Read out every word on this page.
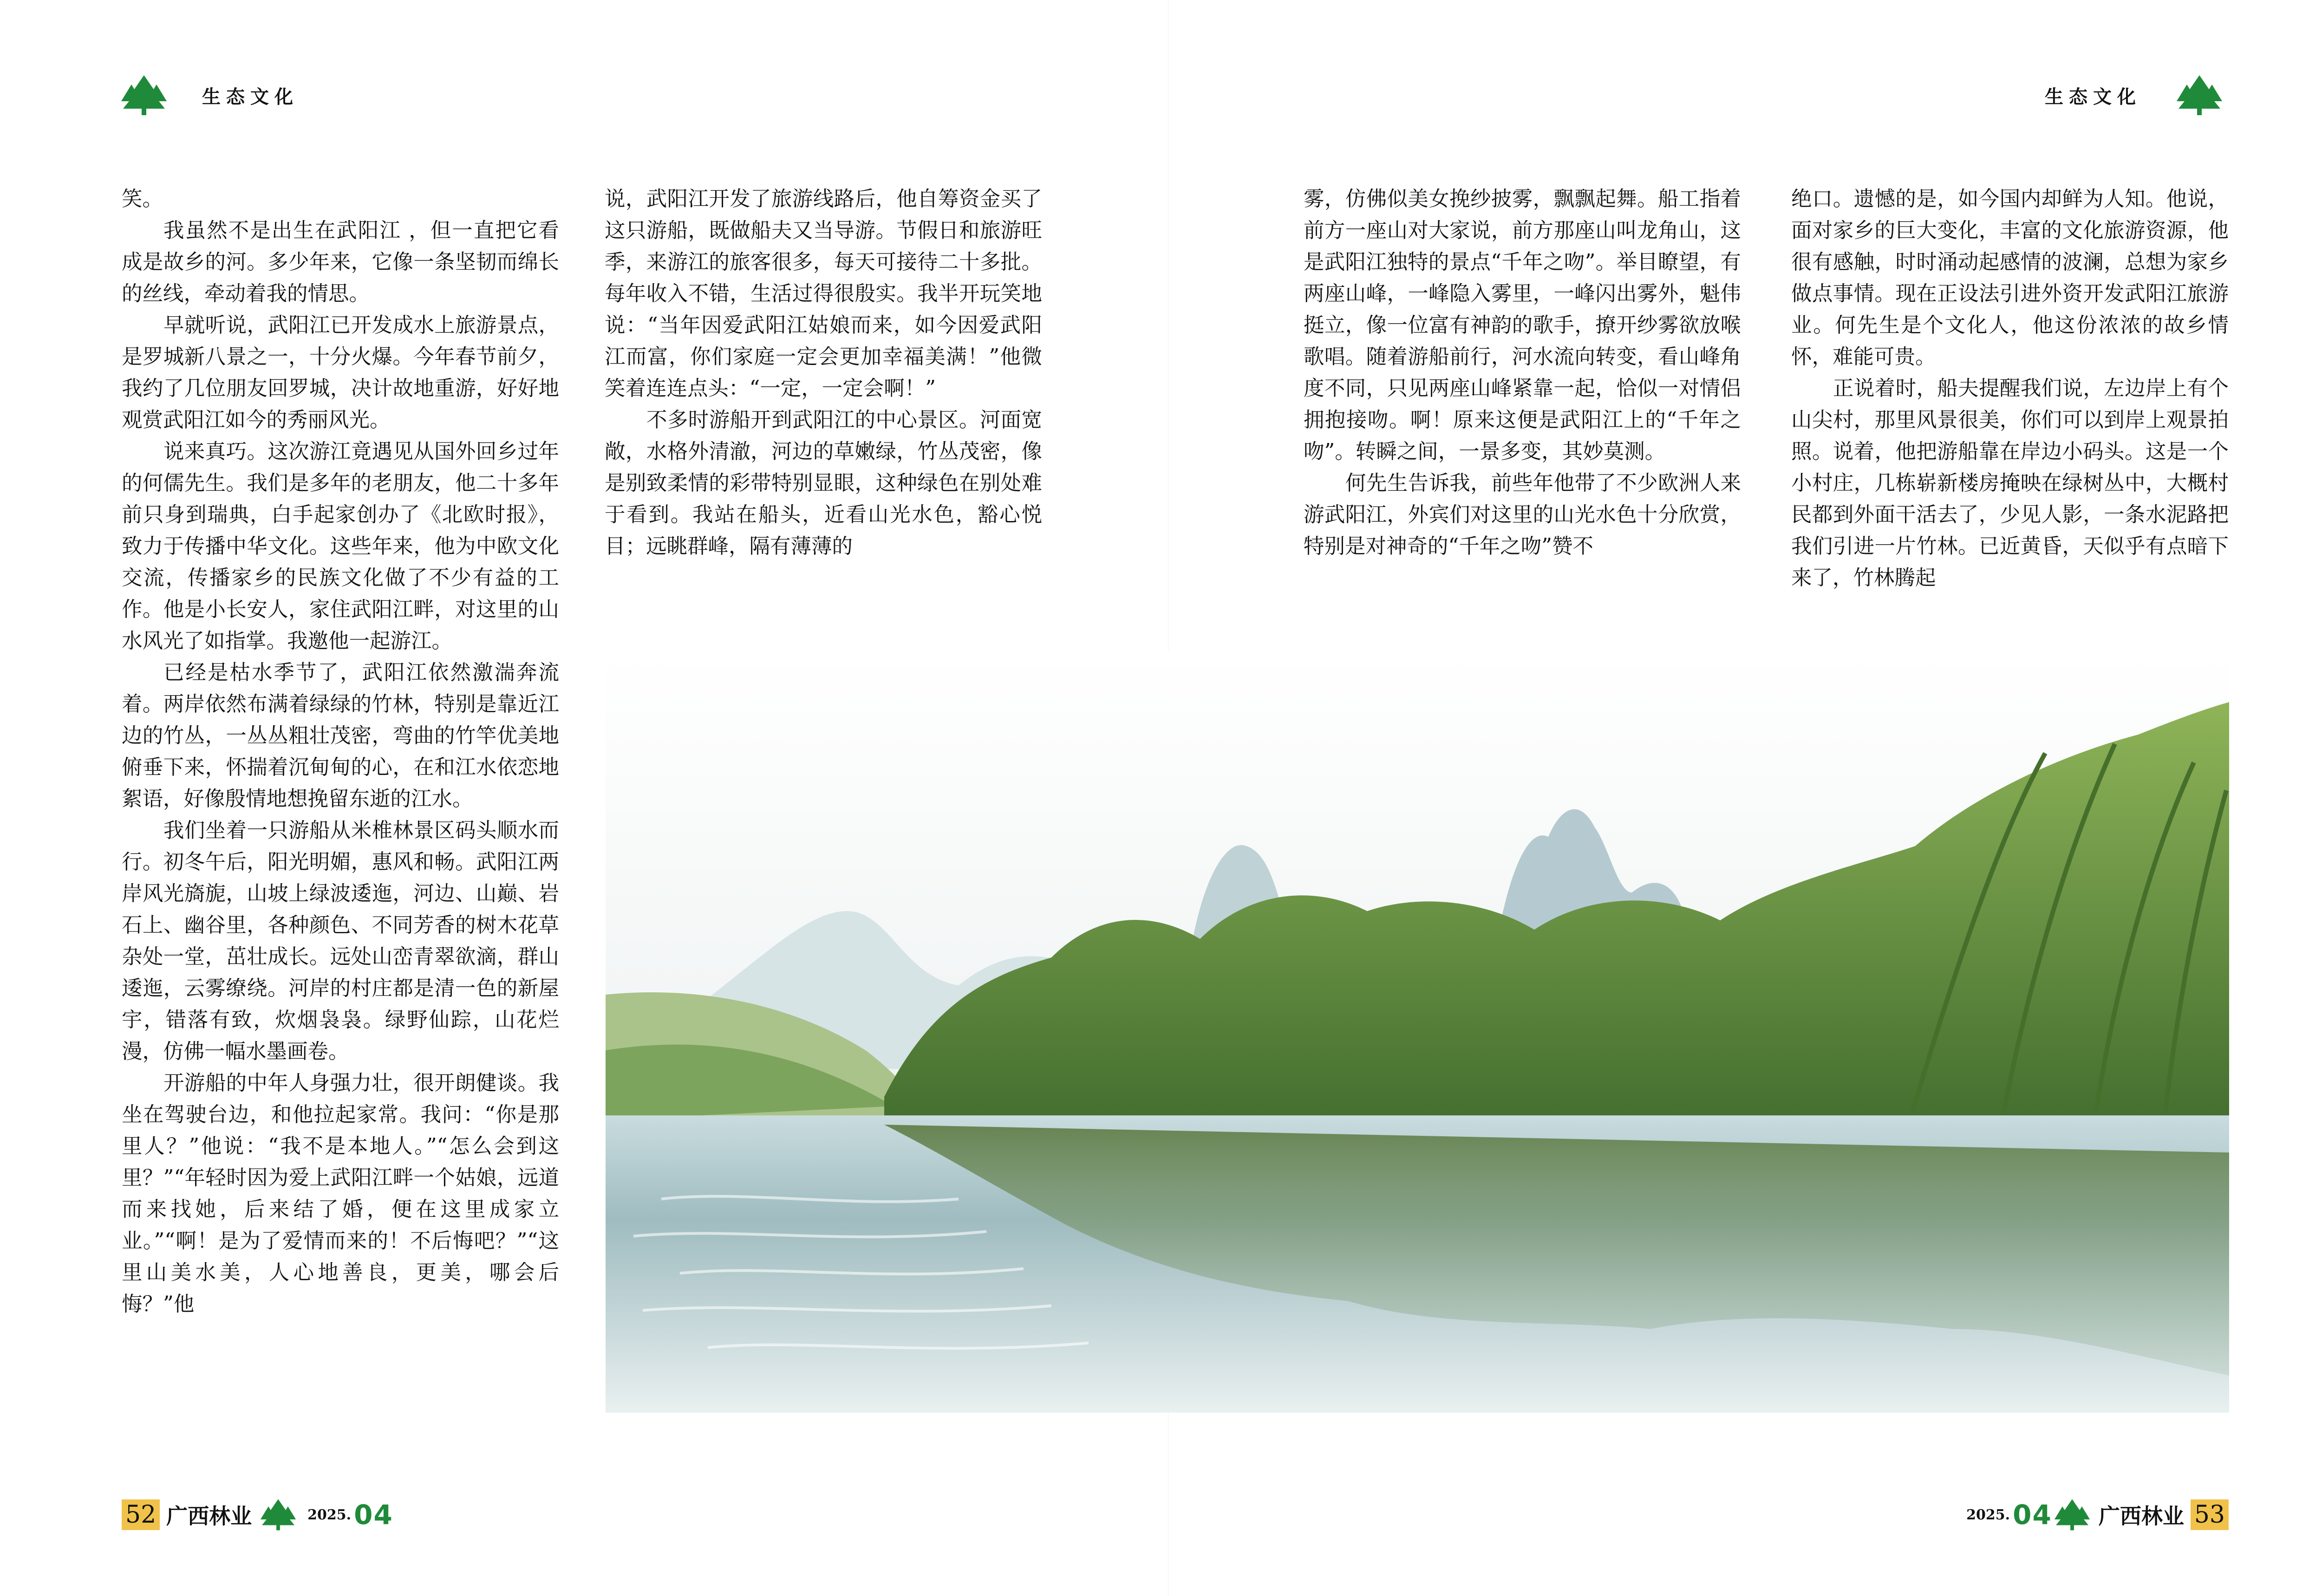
生态文化	生态文化

笑。

我虽然不是出生在武阳江 ，但一直把它看成是故乡的河。多少年来，它像一条坚韧而绵长的丝线，牵动着我的情思。

早就听说，武阳江已开发成水上旅游景点，是罗城新八景之一，十分火爆。今年春节前夕，我约了几位朋友回罗城，决计故地重游，好好地观赏武阳江如今的秀丽风光。

说来真巧。这次游江竟遇见从国外回乡过年的何儒先生。我们是多年的老朋友，他二十多年前只身到瑞典，白手起家创办了《北欧时报》，致力于传播中华文化。这些年来，他为中欧文化交流，传播家乡的民族文化做了不少有益的工作。他是小长安人，家住武阳江畔，对这里的山水风光了如指掌。我邀他一起游江。

已经是枯水季节了，武阳江依然激湍奔流着。两岸依然布满着绿绿的竹林，特别是靠近江边的竹丛，一丛丛粗壮茂密，弯曲的竹竿优美地俯垂下来，怀揣着沉甸甸的心，在和江水依恋地絮语，好像殷情地想挽留东逝的江水。

我们坐着一只游船从米椎林景区码头顺水而行。初冬午后，阳光明媚，惠风和畅。武阳江两岸风光旖旎，山坡上绿波逶迤，河边、山巅、岩石上、幽谷里，各种颜色、不同芳香的树木花草杂处一堂，茁壮成长。远处山峦青翠欲滴，群山逶迤，云雾缭绕。河岸的村庄都是清一色的新屋宇，错落有致，炊烟袅袅。绿野仙踪，山花烂漫，仿佛一幅水墨画卷。

开游船的中年人身强力壮，很开朗健谈。我坐在驾驶台边，和他拉起家常。我问：“你是那里人？”他说：“我不是本地人。”“怎么会到这里？”“年轻时因为爱上武阳江畔一个姑娘，远道而来找她，后来结了婚，便在这里成家立业。”“啊！是为了爱情而来的！不后悔吧？”“这里山美水美，人心地善良，更美，哪会后悔？”他

说，武阳江开发了旅游线路后，他自筹资金买了这只游船，既做船夫又当导游。节假日和旅游旺季，来游江的旅客很多，每天可接待二十多批。每年收入不错，生活过得很殷实。我半开玩笑地说：“当年因爱武阳江姑娘而来，如今因爱武阳江而富，你们家庭一定会更加幸福美满！”他微笑着连连点头：“一定，一定会啊！”

不多时游船开到武阳江的中心景区。河面宽敞，水格外清澈，河边的草嫩绿，竹丛茂密，像是别致柔情的彩带特别显眼，这种绿色在别处难于看到。我站在船头，近看山光水色，豁心悦目；远眺群峰，隔有薄薄的

雾，仿佛似美女挽纱披雾，飘飘起舞。船工指着前方一座山对大家说，前方那座山叫龙角山，这是武阳江独特的景点“千年之吻”。举目瞭望，有两座山峰，一峰隐入雾里，一峰闪出雾外，魁伟挺立，像一位富有神韵的歌手，撩开纱雾欲放喉歌唱。随着游船前行，河水流向转变，看山峰角度不同，只见两座山峰紧靠一起，恰似一对情侣拥抱接吻。啊！原来这便是武阳江上的“千年之吻”。转瞬之间，一景多变，其妙莫测。

何先生告诉我，前些年他带了不少欧洲人来游武阳江，外宾们对这里的山光水色十分欣赏，特别是对神奇的“千年之吻”赞不

绝口。遗憾的是，如今国内却鲜为人知。他说，面对家乡的巨大变化，丰富的文化旅游资源，他很有感触，时时涌动起感情的波澜，总想为家乡做点事情。现在正设法引进外资开发武阳江旅游业。何先生是个文化人，他这份浓浓的故乡情怀，难能可贵。

正说着时，船夫提醒我们说，左边岸上有个山尖村，那里风景很美，你们可以到岸上观景拍照。说着，他把游船靠在岸边小码头。这是一个小村庄，几栋崭新楼房掩映在绿树丛中，大概村民都到外面干活去了，少见人影，一条水泥路把我们引进一片竹林。已近黄昏，天似乎有点暗下来了，竹林腾起

52 广西林业	2025. 04	2025. 04 广西林业 53
